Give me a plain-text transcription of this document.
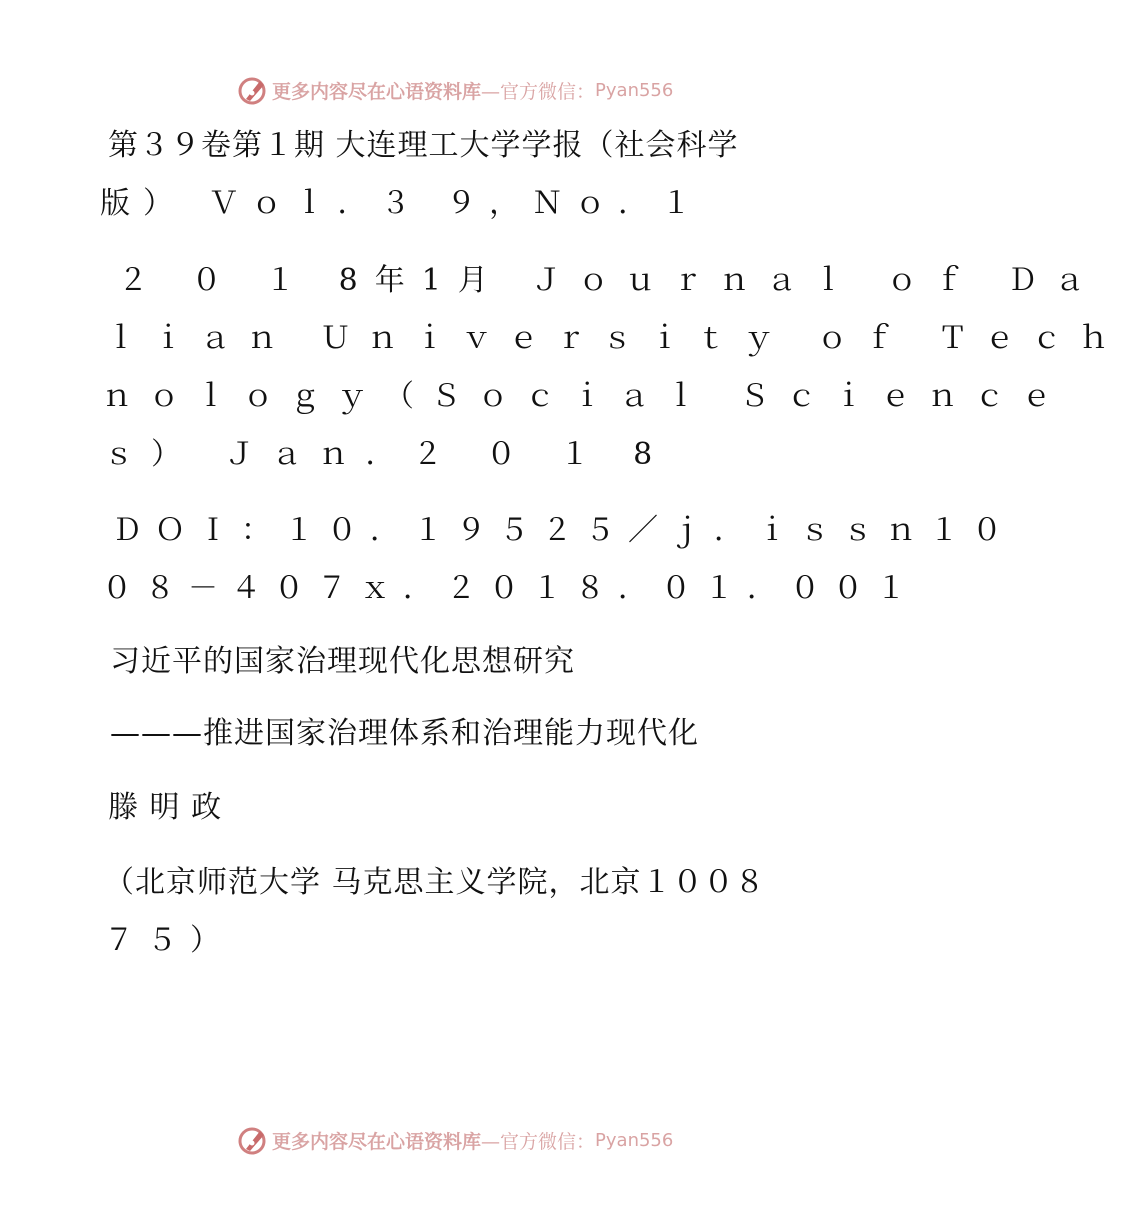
更多内容尽在心语资料库 —官方微信： Pyan556
第３９卷第１期 大连理工大学学报（社会科学
版） Ｖｏｌ．３ ９，Ｎｏ．１
２ ０ １ 8年1月 Ｊｏｕｒｎａｌ ｏｆ Ｄａ
ｌｉａｎ Ｕｎｉｖｅｒｓｉｔｙ ｏｆ Ｔｅｃｈ
ｎｏｌｏｇｙ（Ｓｏｃｉａｌ Ｓｃｉｅｎｃｅ
ｓ） Ｊａｎ．２ ０ １ 8
ＤＯＩ：１０．１９５２５／ｊ．ｉｓｓｎ１０
０８－４０７ｘ．２０１８．０１．００１
习近平的国家治理现代化思想研究
———推进国家治理体系和治理能力现代化
滕 明 政
（北京师范大学 马克思主义学院，北京１００８
７５）
更多内容尽在心语资料库 —官方微信： Pyan556
